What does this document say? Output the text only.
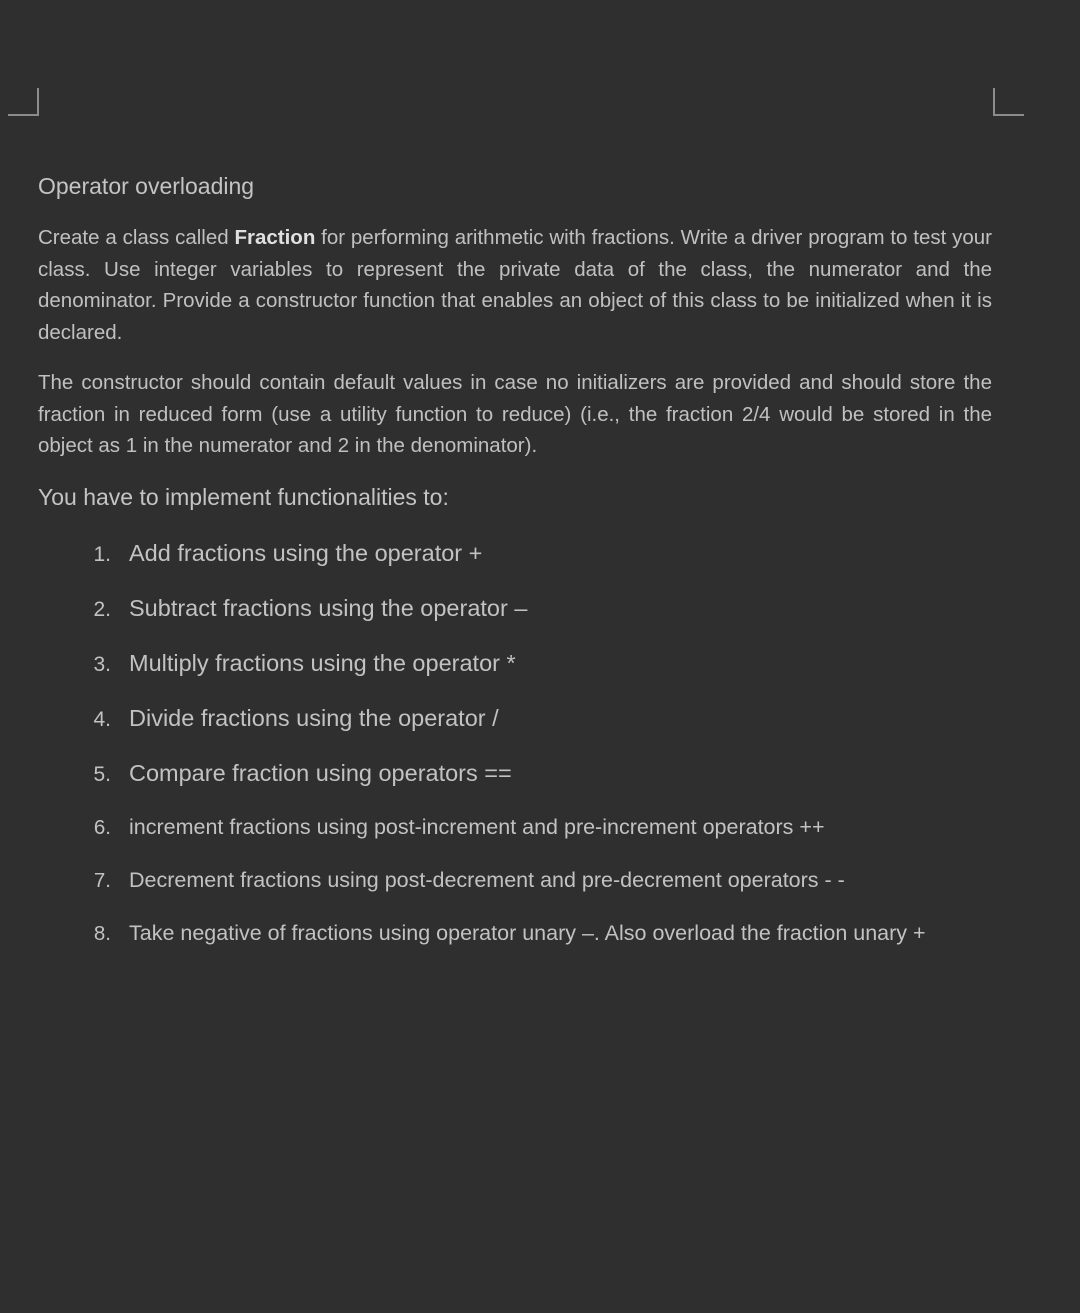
Operator overloading

Create a class called Fraction for performing arithmetic with fractions. Write a driver program to test your class. Use integer variables to represent the private data of the class, the numerator and the denominator. Provide a constructor function that enables an object of this class to be initialized when it is declared.

The constructor should contain default values in case no initializers are provided and should store the fraction in reduced form (use a utility function to reduce) (i.e., the fraction 2/4 would be stored in the object as 1 in the numerator and 2 in the denominator).

You have to implement functionalities to:

1. Add fractions using the operator +
2. Subtract fractions using the operator –
3. Multiply fractions using the operator *
4. Divide fractions using the operator /
5. Compare fraction using operators ==
6. increment fractions using post-increment and pre-increment operators ++
7. Decrement fractions using post-decrement and pre-decrement operators - -
8. Take negative of fractions using operator unary –. Also overload the fraction unary +
